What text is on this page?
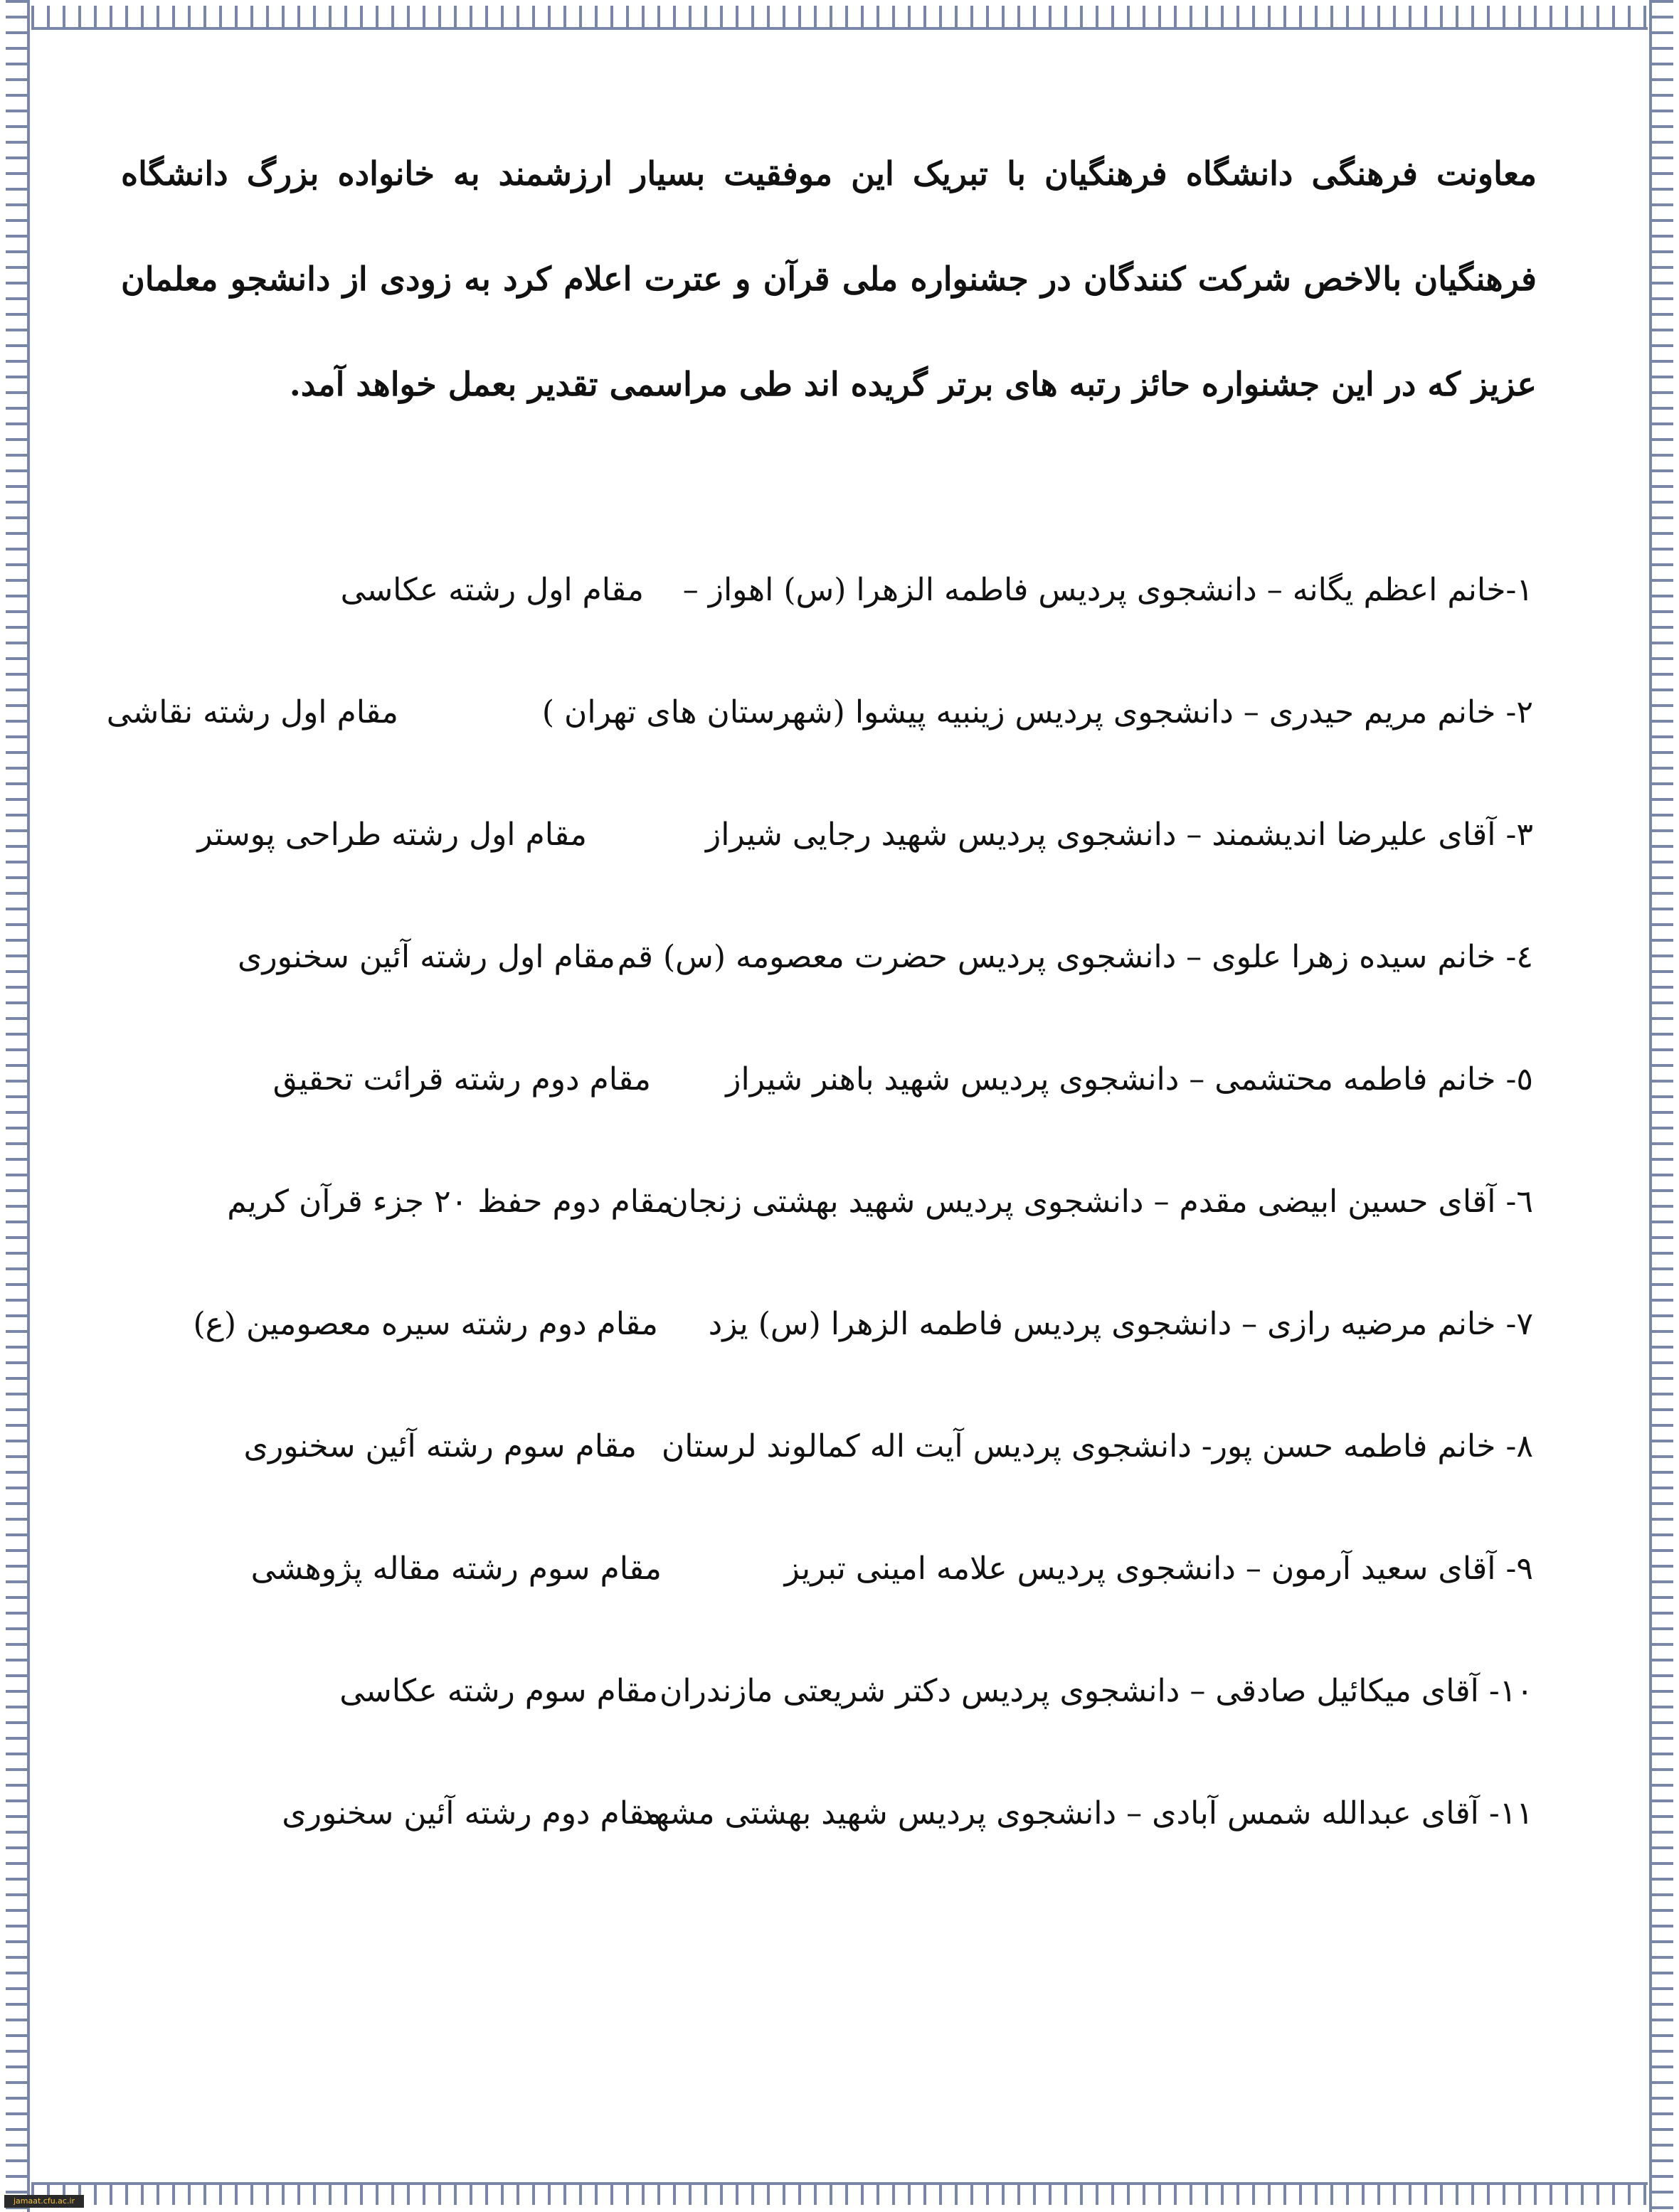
معاونت فرهنگی دانشگاه فرهنگیان با تبریک این موفقیت بسیار ارزشمند به خانواده بزرگ دانشگاه فرهنگیان بالاخص شرکت کنندگان در جشنواره ملی قرآن و عترت اعلام کرد به زودی از دانشجو معلمان عزیز که در این جشنواره حائز رتبه های برتر گریده اند طی مراسمی تقدیر بعمل خواهد آمد.

۱-خانم اعظم یگانه – دانشجوی پردیس فاطمه الزهرا (س) اهواز –
مقام اول رشته عکاسی
۲- خانم مریم حیدری – دانشجوی پردیس زینبیه پیشوا (شهرستان های تهران )
مقام اول رشته نقاشی
۳- آقای علیرضا اندیشمند – دانشجوی پردیس شهید رجایی شیراز
مقام اول رشته طراحی پوستر
٤- خانم سیده زهرا علوی – دانشجوی پردیس حضرت معصومه (س) قم
مقام اول رشته آئین سخنوری
٥- خانم فاطمه محتشمی – دانشجوی پردیس شهید باهنر شیراز
مقام دوم رشته قرائت تحقیق
٦- آقای حسین ابیضی مقدم – دانشجوی پردیس شهید بهشتی زنجان
مقام دوم حفظ ۲۰ جزء قرآن کریم
۷- خانم مرضیه رازی – دانشجوی پردیس فاطمه الزهرا (س) یزد
مقام دوم رشته سیره معصومین (ع)
۸- خانم فاطمه حسن پور- دانشجوی پردیس آیت اله کمالوند لرستان
مقام سوم رشته آئین سخنوری
۹- آقای سعید آرمون – دانشجوی پردیس علامه امینی تبریز
مقام سوم رشته مقاله پژوهشی
۱۰- آقای میکائیل صادقی – دانشجوی پردیس دکتر شریعتی مازندران
مقام سوم رشته عکاسی
۱۱- آقای عبدالله شمس آبادی – دانشجوی پردیس شهید بهشتی مشهد
مقام دوم رشته آئین سخنوری
jamaat.cfu.ac.ir
